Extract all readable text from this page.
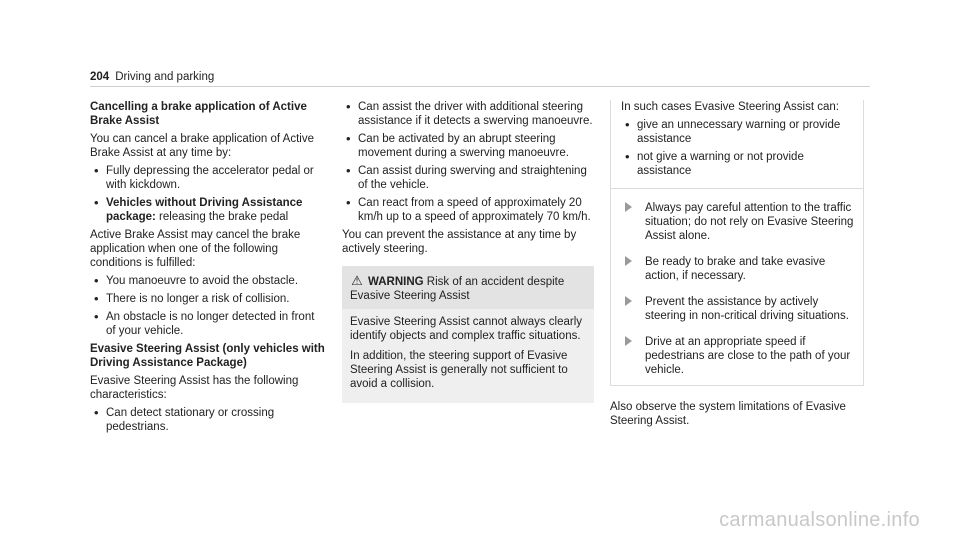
204 Driving and parking
Cancelling a brake application of Active Brake Assist

You can cancel a brake application of Active Brake Assist at any time by:

• Fully depressing the accelerator pedal or with kickdown.
• Vehicles without Driving Assistance package: releasing the brake pedal

Active Brake Assist may cancel the brake application when one of the following conditions is fulfilled:

• You manoeuvre to avoid the obstacle.
• There is no longer a risk of collision.
• An obstacle is no longer detected in front of your vehicle.
Evasive Steering Assist (only vehicles with Driving Assistance Package)

Evasive Steering Assist has the following characteristics:

• Can detect stationary or crossing pedestrians.
• Can assist the driver with additional steering assistance if it detects a swerving manoeuvre.
• Can be activated by an abrupt steering movement during a swerving manoeuvre.
• Can assist during swerving and straightening of the vehicle.
• Can react from a speed of approximately 20 km/h up to a speed of approximately 70 km/h.

You can prevent the assistance at any time by actively steering.

⚠ WARNING Risk of an accident despite Evasive Steering Assist

Evasive Steering Assist cannot always clearly identify objects and complex traffic situations.

In addition, the steering support of Evasive Steering Assist is generally not sufficient to avoid a collision.

In such cases Evasive Steering Assist can:

• give an unnecessary warning or provide assistance
• not give a warning or not provide assistance
Always pay careful attention to the traffic situation; do not rely on Evasive Steering Assist alone.
Be ready to brake and take evasive action, if necessary.
Prevent the assistance by actively steering in non-critical driving situations.
Drive at an appropriate speed if pedestrians are close to the path of your vehicle.

Also observe the system limitations of Evasive Steering Assist.

carmanualsonline.info
